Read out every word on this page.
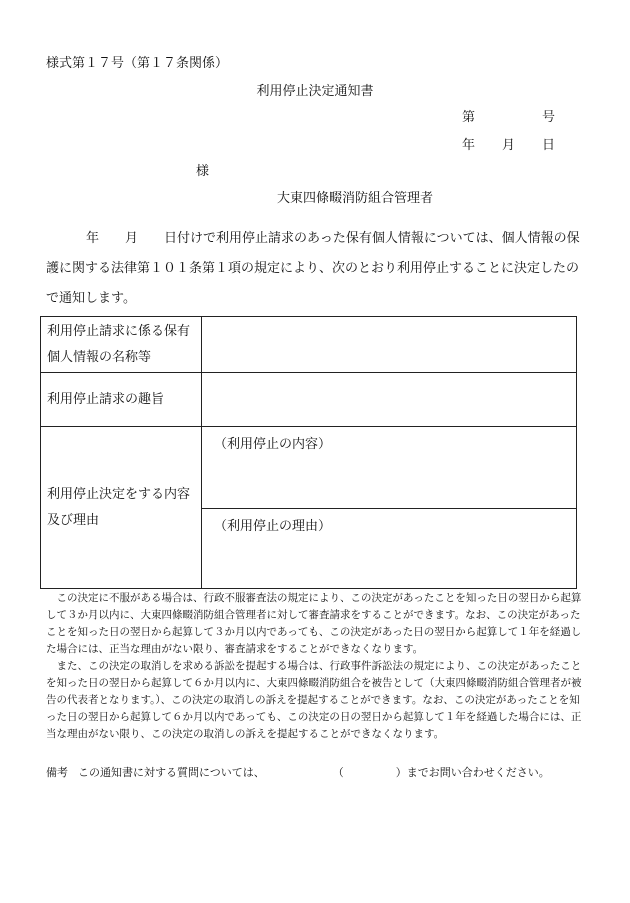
様式第１７号（第１７条関係）
利用停止決定通知書
第	号
年 月 日
様
大東四條畷消防組合管理者
年 月 日付けで利用停止請求のあった保有個人情報については、個人情報の保護に関する法律第１０１条第１項の規定により、次のとおり利用停止することに決定したので通知します。
利用停止請求に係る保有個人情報の名称等	
利用停止請求の趣旨	
利用停止決定をする内容及び理由	（利用停止の内容）
	（利用停止の理由）

この決定に不服がある場合は、行政不服審査法の規定により、この決定があったことを知った日の翌日から起算して３か月以内に、大東四條畷消防組合管理者に対して審査請求をすることができます。なお、この決定があったことを知った日の翌日から起算して３か月以内であっても、この決定があった日の翌日から起算して１年を経過した場合には、正当な理由がない限り、審査請求をすることができなくなります。

また、この決定の取消しを求める訴訟を提起する場合は、行政事件訴訟法の規定により、この決定があったことを知った日の翌日から起算して６か月以内に、大東四條畷消防組合を被告として（大東四條畷消防組合管理者が被告の代表者となります。）、この決定の取消しの訴えを提起することができます。なお、この決定があったことを知った日の翌日から起算して６か月以内であっても、この決定の日の翌日から起算して１年を経過した場合には、正当な理由がない限り、この決定の取消しの訴えを提起することができなくなります。

備考 この通知書に対する質問については、	（	）までお問い合わせください。
